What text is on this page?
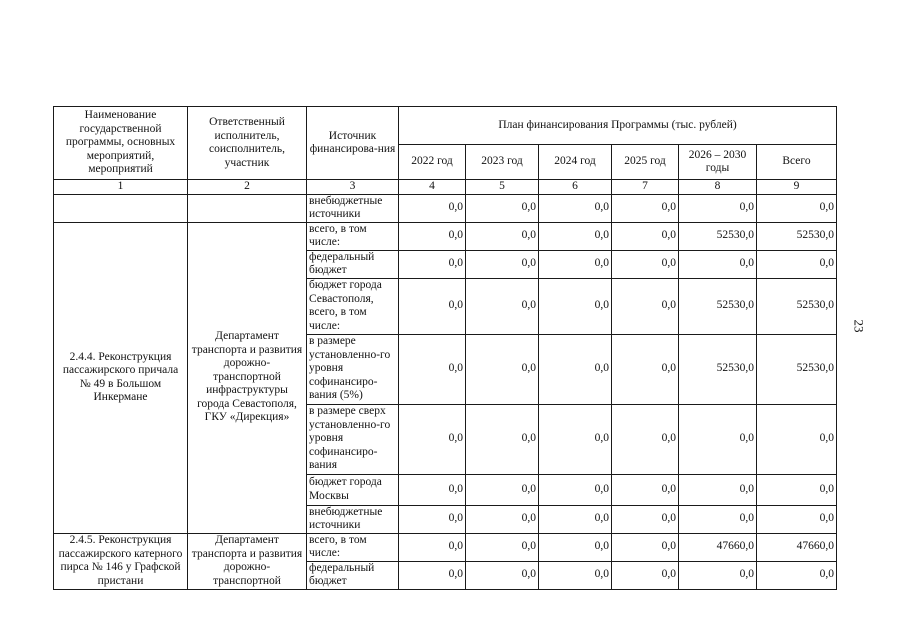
Наименование государственной программы, основных мероприятий, мероприятий	Ответственный исполнитель, соисполнитель, участник	Источник финансирова-ния	План финансирования Программы (тыс. рублей)					
			2022 год	2023 год	2024 год	2025 год	2026 – 2030 годы	Всего
1	2	3	4	5	6	7	8	9
		внебюджетные источники	0,0	0,0	0,0	0,0	0,0	0,0
2.4.4. Реконструкция пассажирского причала № 49 в Большом Инкермане	Департамент транспорта и развития дорожно-транспортной инфраструктуры города Севастополя, ГКУ «Дирекция»	всего, в том числе:	0,0	0,0	0,0	0,0	52530,0	52530,0
		федеральный бюджет	0,0	0,0	0,0	0,0	0,0	0,0
		бюджет города Севастополя, всего, в том числе:	0,0	0,0	0,0	0,0	52530,0	52530,0
		в размере установленно-го уровня софинансиро-вания (5%)	0,0	0,0	0,0	0,0	52530,0	52530,0
		в размере сверх установленно-го уровня софинансиро-вания	0,0	0,0	0,0	0,0	0,0	0,0
		бюджет города Москвы	0,0	0,0	0,0	0,0	0,0	0,0
		внебюджетные источники	0,0	0,0	0,0	0,0	0,0	0,0
2.4.5. Реконструкция пассажирского катерного пирса № 146 у Графской пристани	Департамент транспорта и развития дорожно-транспортной	всего, в том числе:	0,0	0,0	0,0	0,0	47660,0	47660,0
		федеральный бюджет	0,0	0,0	0,0	0,0	0,0	0,0
23
